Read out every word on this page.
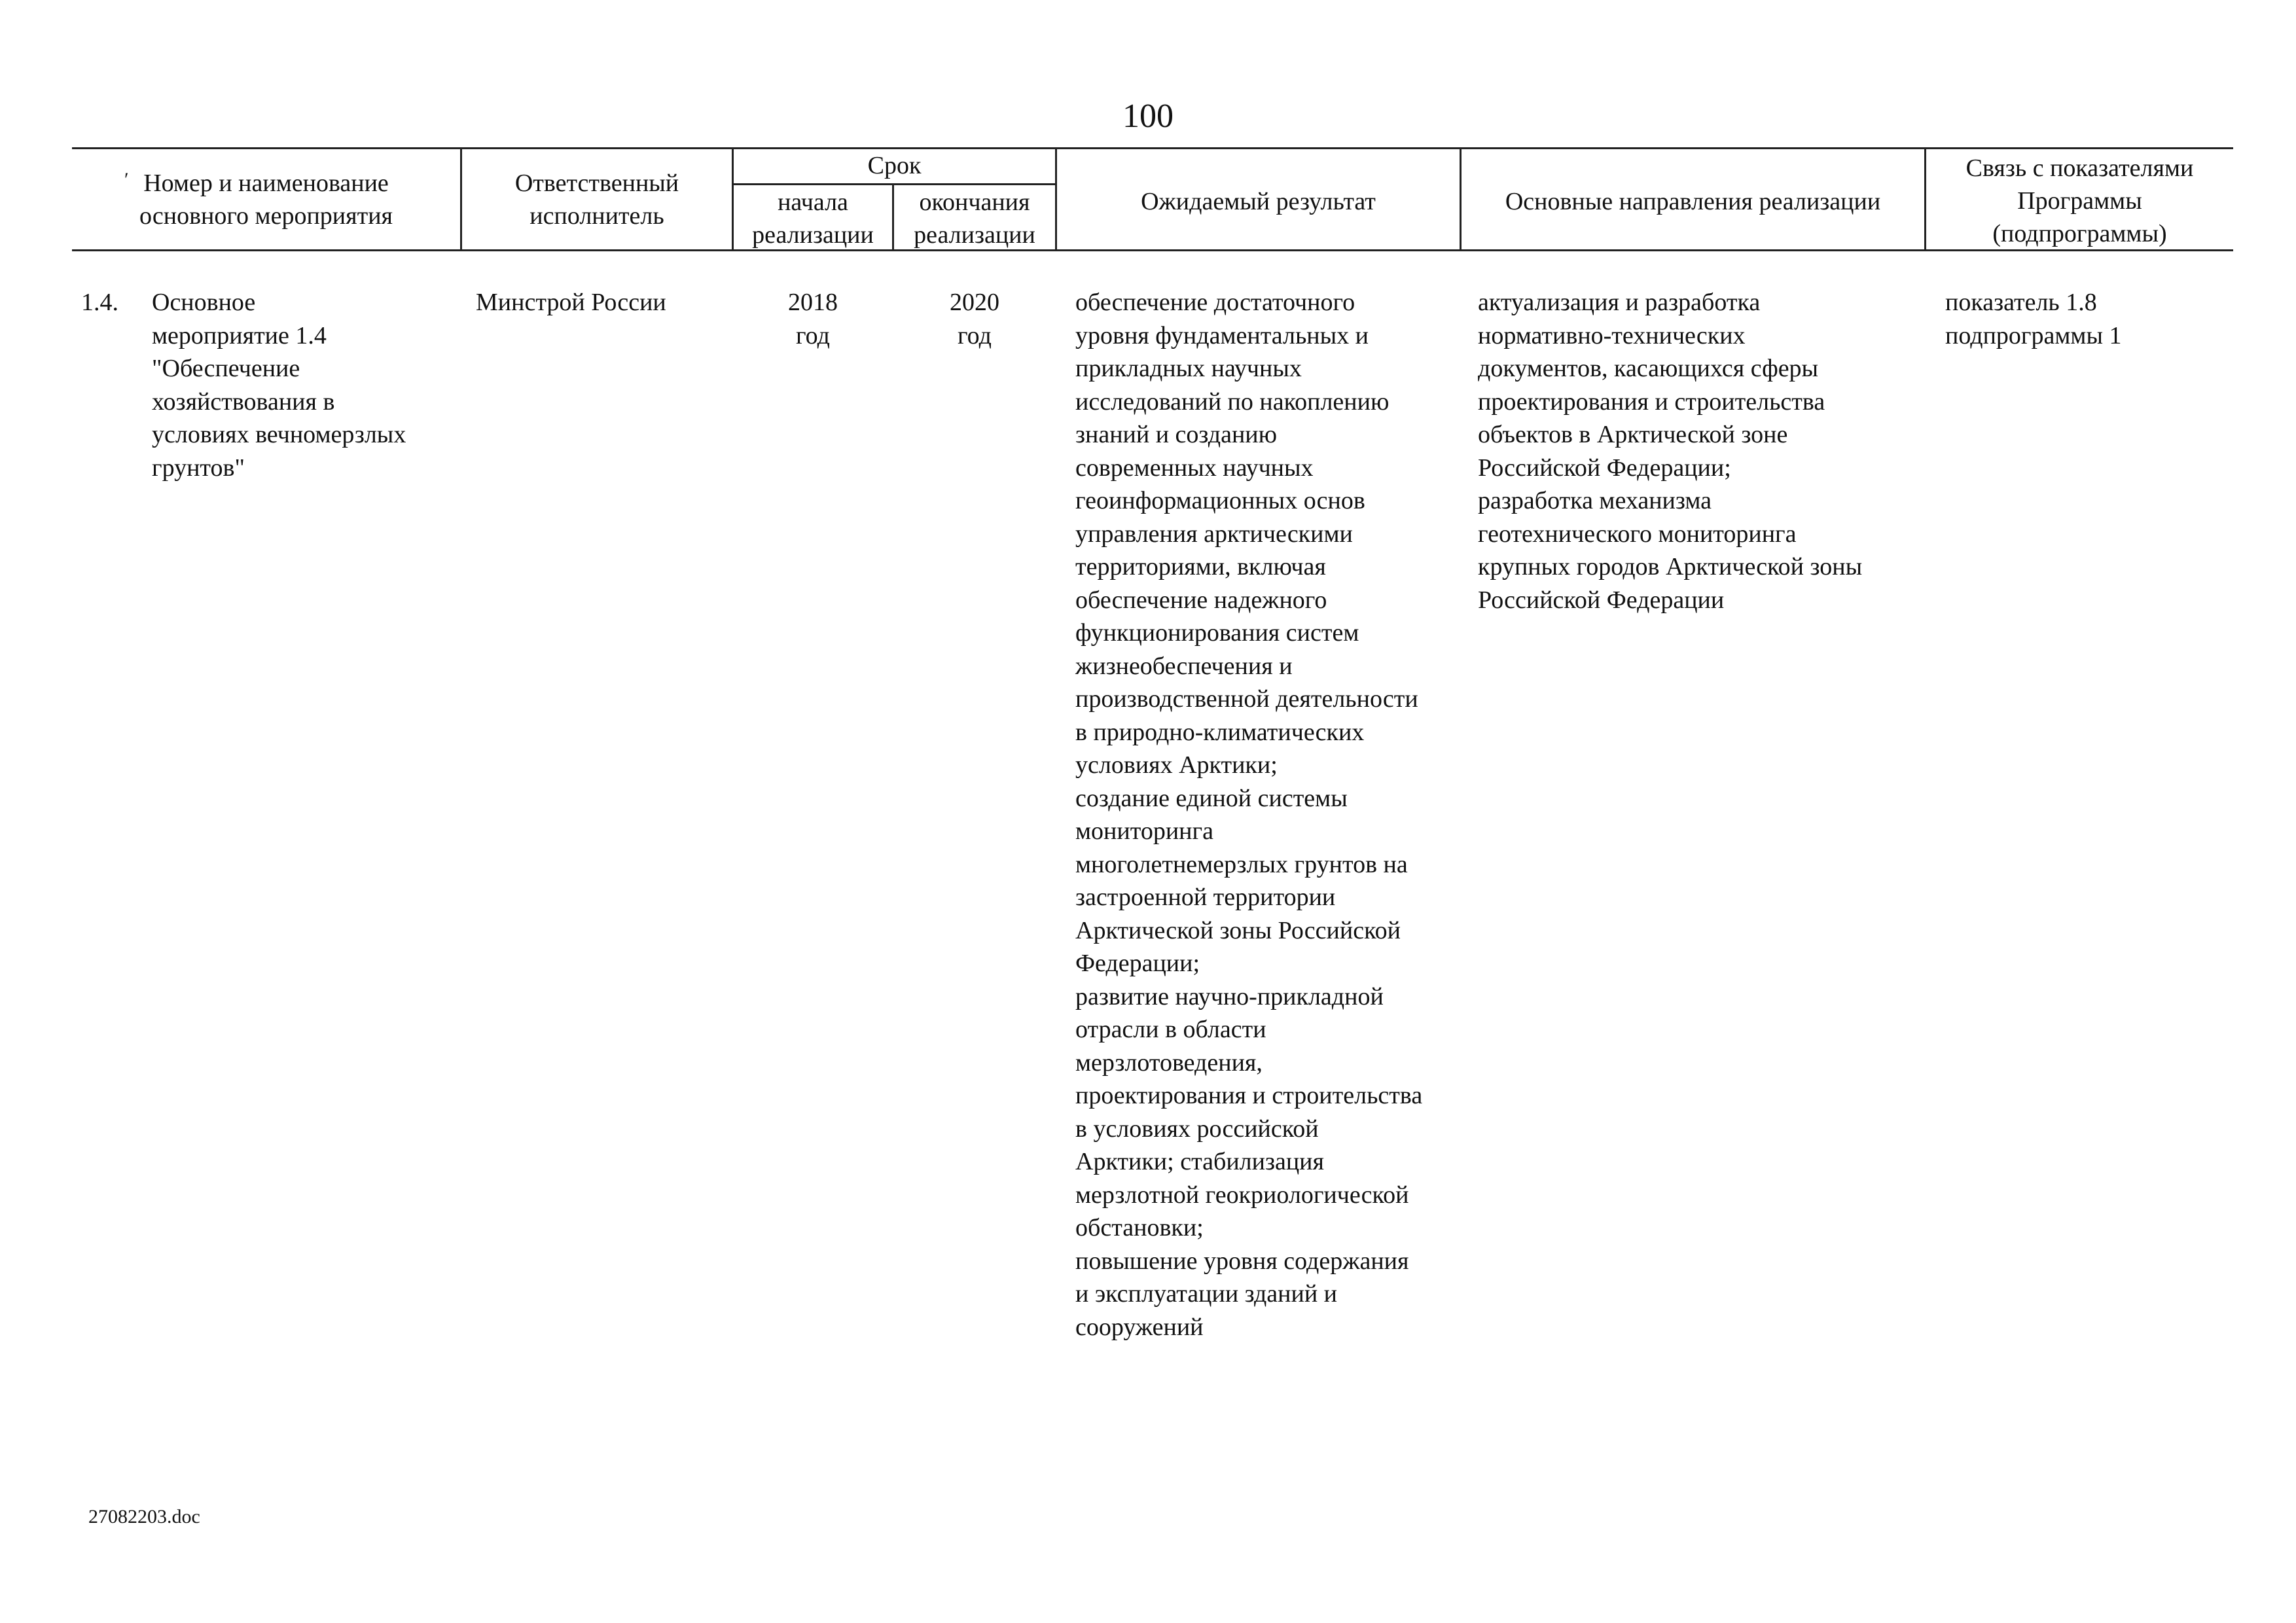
100
ʹ Номер и наименование
основного мероприятия
Ответственный
исполнитель
Срок
начала
реализации
окончания
реализации
Ожидаемый результат	Основные направления реализации
Связь с показателями
Программы
(подпрограммы)
1.4. Основное
мероприятие 1.4
"Обеспечение
хозяйствования в
условиях вечномерзлых
грунтов"
Минстрой России	2018
год
2020
год
обеспечение достаточного
уровня фундаментальных и
прикладных научных
исследований по накоплению
знаний и созданию
современных научных
геоинформационных основ
управления арктическими
территориями, включая
обеспечение надежного
функционирования систем
жизнеобеспечения и
производственной деятельности
в природно-климатических
условиях Арктики;
создание единой системы
мониторинга
многолетнемерзлых грунтов на
застроенной территории
Арктической зоны Российской
Федерации;
развитие научно-прикладной
отрасли в области
мерзлотоведения,
проектирования и строительства
в условиях российской
Арктики; стабилизация
мерзлотной геокриологической
обстановки;
повышение уровня содержания
и эксплуатации зданий и
сооружений
актуализация и разработка
нормативно-технических
документов, касающихся сферы
проектирования и строительства
объектов в Арктической зоне
Российской Федерации;
разработка механизма
геотехнического мониторинга
крупных городов Арктической зоны
Российской Федерации
показатель 1.8
подпрограммы 1
27082203.doc
